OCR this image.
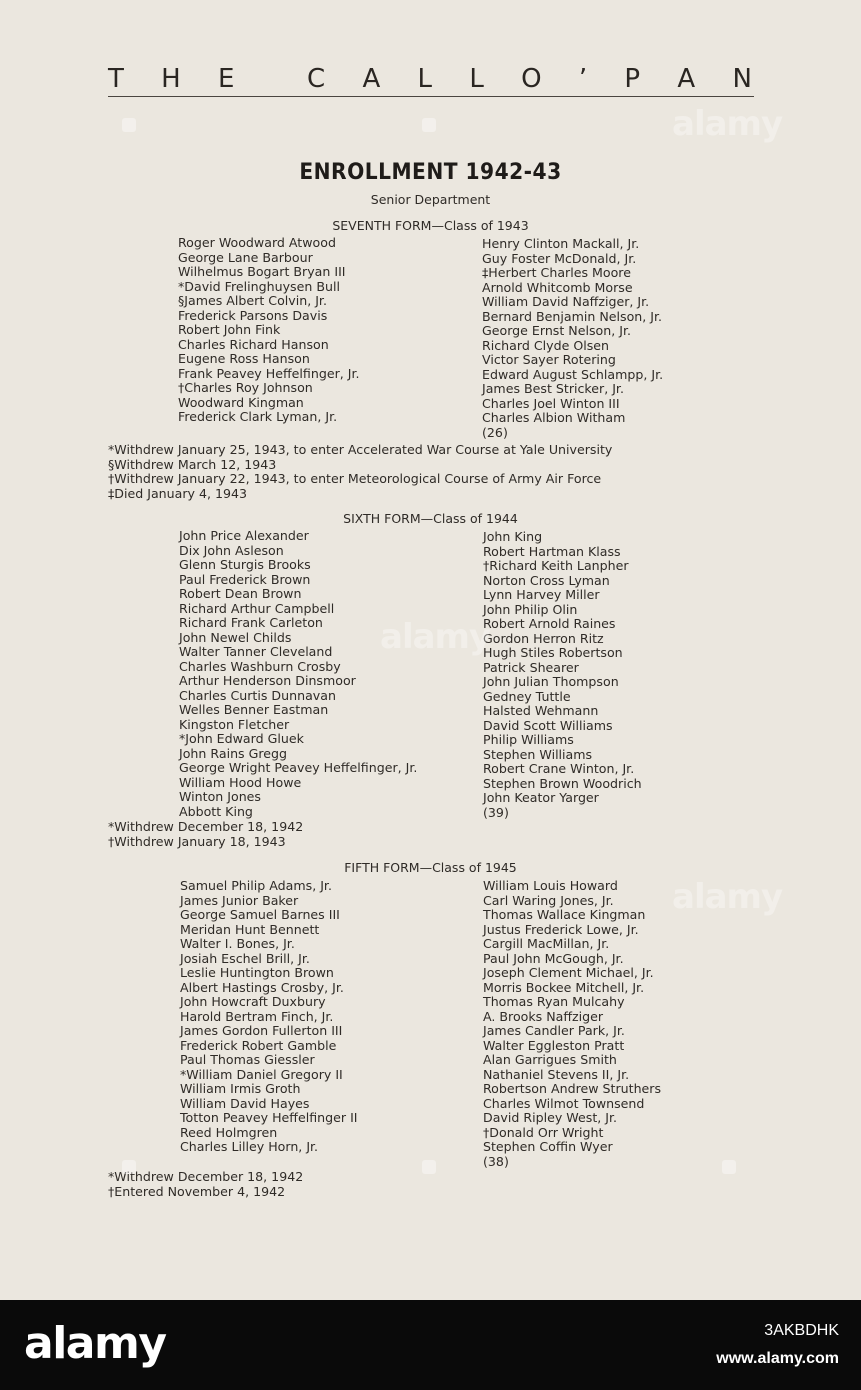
T H E	C A L L O ’ P A N
ENROLLMENT 1942-43
Senior Department
SEVENTH FORM—Class of 1943
Roger Woodward Atwood
George Lane Barbour
Wilhelmus Bogart Bryan III
*David Frelinghuysen Bull
§James Albert Colvin, Jr.
Frederick Parsons Davis
Robert John Fink
Charles Richard Hanson
Eugene Ross Hanson
Frank Peavey Heffelfinger, Jr.
†Charles Roy Johnson
Woodward Kingman
Frederick Clark Lyman, Jr.
Henry Clinton Mackall, Jr.
Guy Foster McDonald, Jr.
‡Herbert Charles Moore
Arnold Whitcomb Morse
William David Naffziger, Jr.
Bernard Benjamin Nelson, Jr.
George Ernst Nelson, Jr.
Richard Clyde Olsen
Victor Sayer Rotering
Edward August Schlampp, Jr.
James Best Stricker, Jr.
Charles Joel Winton III
Charles Albion Witham
(26)
*Withdrew January 25, 1943, to enter Accelerated War Course at Yale University
§Withdrew March 12, 1943
†Withdrew January 22, 1943, to enter Meteorological Course of Army Air Force
‡Died January 4, 1943
SIXTH FORM—Class of 1944
John Price Alexander
Dix John Asleson
Glenn Sturgis Brooks
Paul Frederick Brown
Robert Dean Brown
Richard Arthur Campbell
Richard Frank Carleton
John Newel Childs
Walter Tanner Cleveland
Charles Washburn Crosby
Arthur Henderson Dinsmoor
Charles Curtis Dunnavan
Welles Benner Eastman
Kingston Fletcher
*John Edward Gluek
John Rains Gregg
George Wright Peavey Heffelfinger, Jr.
William Hood Howe
Winton Jones
Abbott King
John King
Robert Hartman Klass
†Richard Keith Lanpher
Norton Cross Lyman
Lynn Harvey Miller
John Philip Olin
Robert Arnold Raines
Gordon Herron Ritz
Hugh Stiles Robertson
Patrick Shearer
John Julian Thompson
Gedney Tuttle
Halsted Wehmann
David Scott Williams
Philip Williams
Stephen Williams
Robert Crane Winton, Jr.
Stephen Brown Woodrich
John Keator Yarger
(39)
*Withdrew December 18, 1942
†Withdrew January 18, 1943
FIFTH FORM—Class of 1945
Samuel Philip Adams, Jr.
James Junior Baker
George Samuel Barnes III
Meridan Hunt Bennett
Walter I. Bones, Jr.
Josiah Eschel Brill, Jr.
Leslie Huntington Brown
Albert Hastings Crosby, Jr.
John Howcraft Duxbury
Harold Bertram Finch, Jr.
James Gordon Fullerton III
Frederick Robert Gamble
Paul Thomas Giessler
*William Daniel Gregory II
William Irmis Groth
William David Hayes
Totton Peavey Heffelfinger II
Reed Holmgren
Charles Lilley Horn, Jr.
William Louis Howard
Carl Waring Jones, Jr.
Thomas Wallace Kingman
Justus Frederick Lowe, Jr.
Cargill MacMillan, Jr.
Paul John McGough, Jr.
Joseph Clement Michael, Jr.
Morris Bockee Mitchell, Jr.
Thomas Ryan Mulcahy
A. Brooks Naffziger
James Candler Park, Jr.
Walter Eggleston Pratt
Alan Garrigues Smith
Nathaniel Stevens II, Jr.
Robertson Andrew Struthers
Charles Wilmot Townsend
David Ripley West, Jr.
†Donald Orr Wright
Stephen Coffin Wyer
(38)
*Withdrew December 18, 1942
†Entered November 4, 1942
alamy
alamy
alamy
alamy	3AKBDHK
www.alamy.com
